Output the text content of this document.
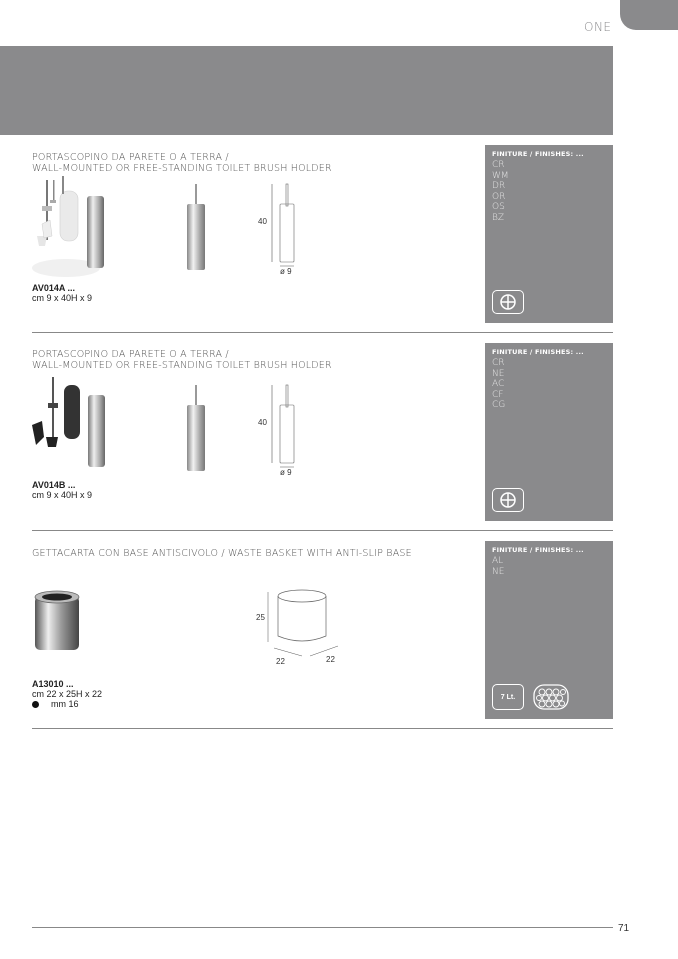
ONE
PORTASCOPINO DA PARETE O A TERRA /
WALL-MOUNTED OR FREE-STANDING TOILET BRUSH HOLDER
40
ø 9
AV014A ...
cm 9 x 40H x 9
FINITURE / FINISHES: ...
CR
WM
DR
OR
OS
BZ
PORTASCOPINO DA PARETE O A TERRA /
WALL-MOUNTED OR FREE-STANDING TOILET BRUSH HOLDER
40
ø 9
AV014B ...
cm 9 x 40H x 9
FINITURE / FINISHES: ...
CR
NE
AC
CF
CG
GETTACARTA CON BASE ANTISCIVOLO / WASTE BASKET WITH ANTI-SLIP BASE
25
22	22
A13010 ...
cm 22 x 25H x 22
mm 16
FINITURE / FINISHES: ...
AL
NE
7 Lt.
71
